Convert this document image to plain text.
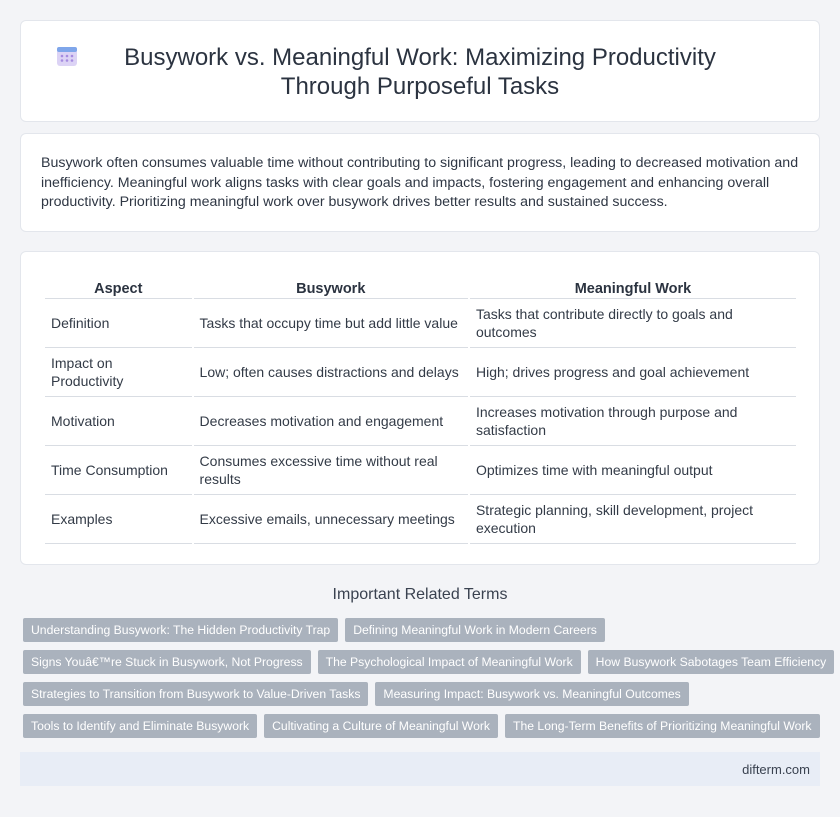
Busywork vs. Meaningful Work: Maximizing Productivity Through Purposeful Tasks

Busywork often consumes valuable time without contributing to significant progress, leading to decreased motivation and inefficiency. Meaningful work aligns tasks with clear goals and impacts, fostering engagement and enhancing overall productivity. Prioritizing meaningful work over busywork drives better results and sustained success.

Aspect	Busywork	Meaningful Work
Definition	Tasks that occupy time but add little value	Tasks that contribute directly to goals and outcomes
Impact on Productivity	Low; often causes distractions and delays	High; drives progress and goal achievement
Motivation	Decreases motivation and engagement	Increases motivation through purpose and satisfaction
Time Consumption	Consumes excessive time without real results	Optimizes time with meaningful output
Examples	Excessive emails, unnecessary meetings	Strategic planning, skill development, project execution
Important Related Terms
Understanding Busywork: The Hidden Productivity Trap	Defining Meaningful Work in Modern Careers
Signs Youâ€™re Stuck in Busywork, Not Progress	The Psychological Impact of Meaningful Work	How Busywork Sabotages Team Efficiency
Strategies to Transition from Busywork to Value-Driven Tasks	Measuring Impact: Busywork vs. Meaningful Outcomes
Tools to Identify and Eliminate Busywork	Cultivating a Culture of Meaningful Work	The Long-Term Benefits of Prioritizing Meaningful Work
difterm.com
